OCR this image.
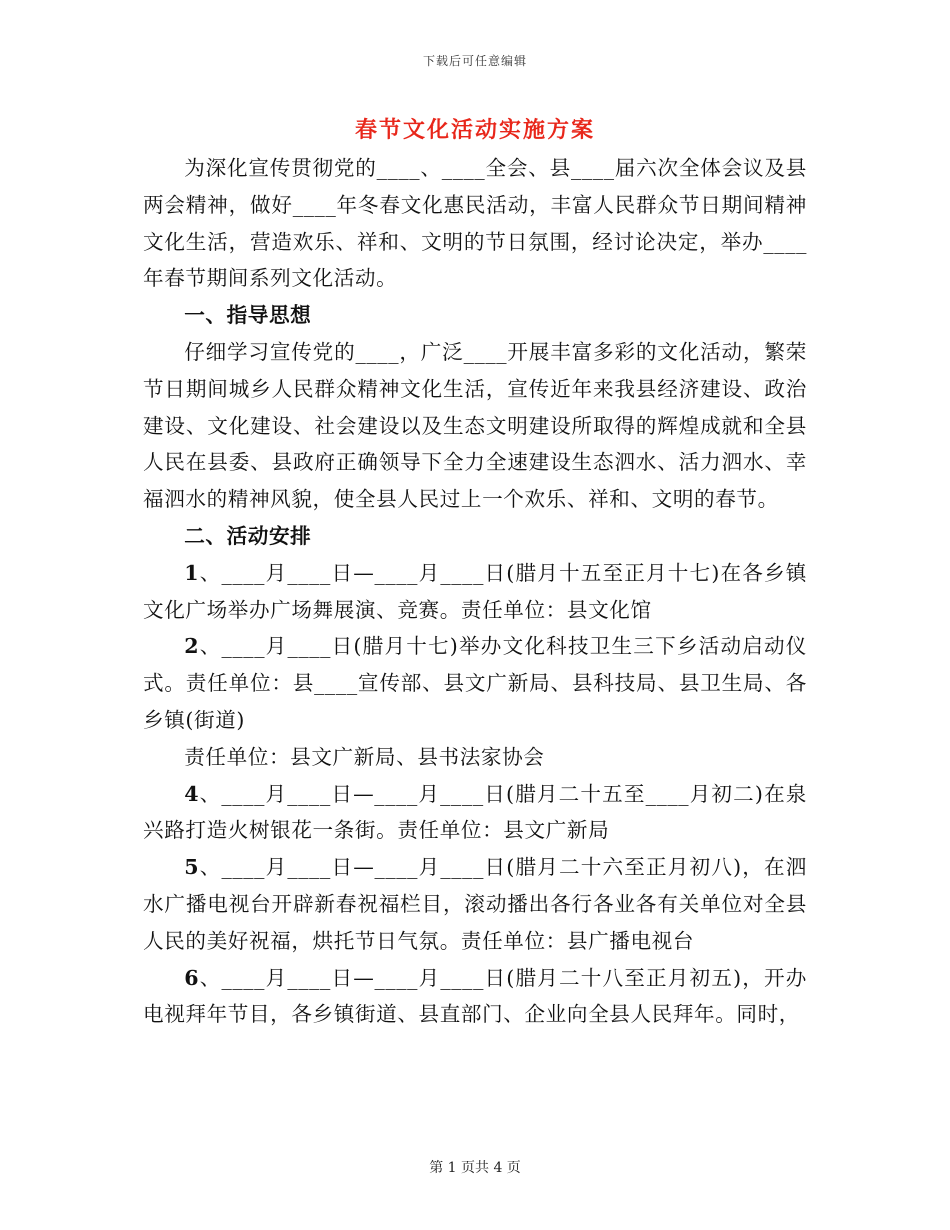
下载后可任意编辑
春节文化活动实施方案

为深化宣传贯彻党的____、____全会、县____届六次全体会议及县两会精神，做好____年冬春文化惠民活动，丰富人民群众节日期间精神文化生活，营造欢乐、祥和、文明的节日氛围，经讨论决定，举办____年春节期间系列文化活动。

一、指导思想

仔细学习宣传党的____，广泛____开展丰富多彩的文化活动，繁荣节日期间城乡人民群众精神文化生活，宣传近年来我县经济建设、政治建设、文化建设、社会建设以及生态文明建设所取得的辉煌成就和全县人民在县委、县政府正确领导下全力全速建设生态泗水、活力泗水、幸福泗水的精神风貌，使全县人民过上一个欢乐、祥和、文明的春节。

二、活动安排

1、____月____日—____月____日(腊月十五至正月十七)在各乡镇文化广场举办广场舞展演、竞赛。责任单位：县文化馆

2、____月____日(腊月十七)举办文化科技卫生三下乡活动启动仪式。责任单位：县____宣传部、县文广新局、县科技局、县卫生局、各乡镇(街道)

责任单位：县文广新局、县书法家协会

4、____月____日—____月____日(腊月二十五至____月初二)在泉兴路打造火树银花一条街。责任单位：县文广新局

5、____月____日—____月____日(腊月二十六至正月初八)，在泗水广播电视台开辟新春祝福栏目，滚动播出各行各业各有关单位对全县人民的美好祝福，烘托节日气氛。责任单位：县广播电视台

6、____月____日—____月____日(腊月二十八至正月初五)，开办电视拜年节目，各乡镇街道、县直部门、企业向全县人民拜年。同时，

第 1 页共 4 页
